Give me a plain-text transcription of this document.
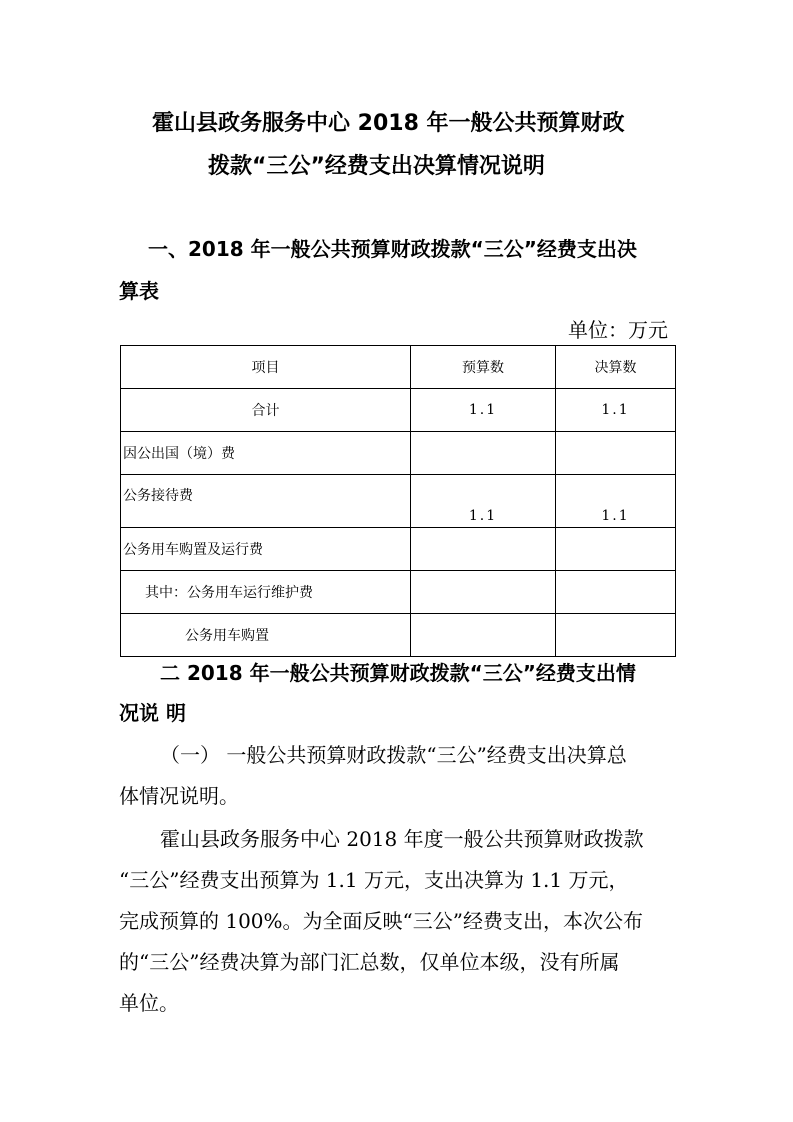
霍山县政务服务中心 2018 年一般公共预算财政
拨款“三公”经费支出决算情况说明
一、2018 年一般公共预算财政拨款“三公”经费支出决
算表
单位：万元
项目	预算数	决算数
合计	1.1	1.1
因公出国（境）费		
公务接待费	1.1	1.1
公务用车购置及运行费		
其中：公务用车运行维护费		
公务用车购置		
二 2018 年一般公共预算财政拨款“三公”经费支出情
况说 明
（一） 一般公共预算财政拨款“三公”经费支出决算总
体情况说明。
霍山县政务服务中心 2018 年度一般公共预算财政拨款
“三公”经费支出预算为 1.1 万元，支出决算为 1.1 万元，
完成预算的 100%。为全面反映“三公”经费支出，本次公布
的“三公”经费决算为部门汇总数，仅单位本级，没有所属
单位。
